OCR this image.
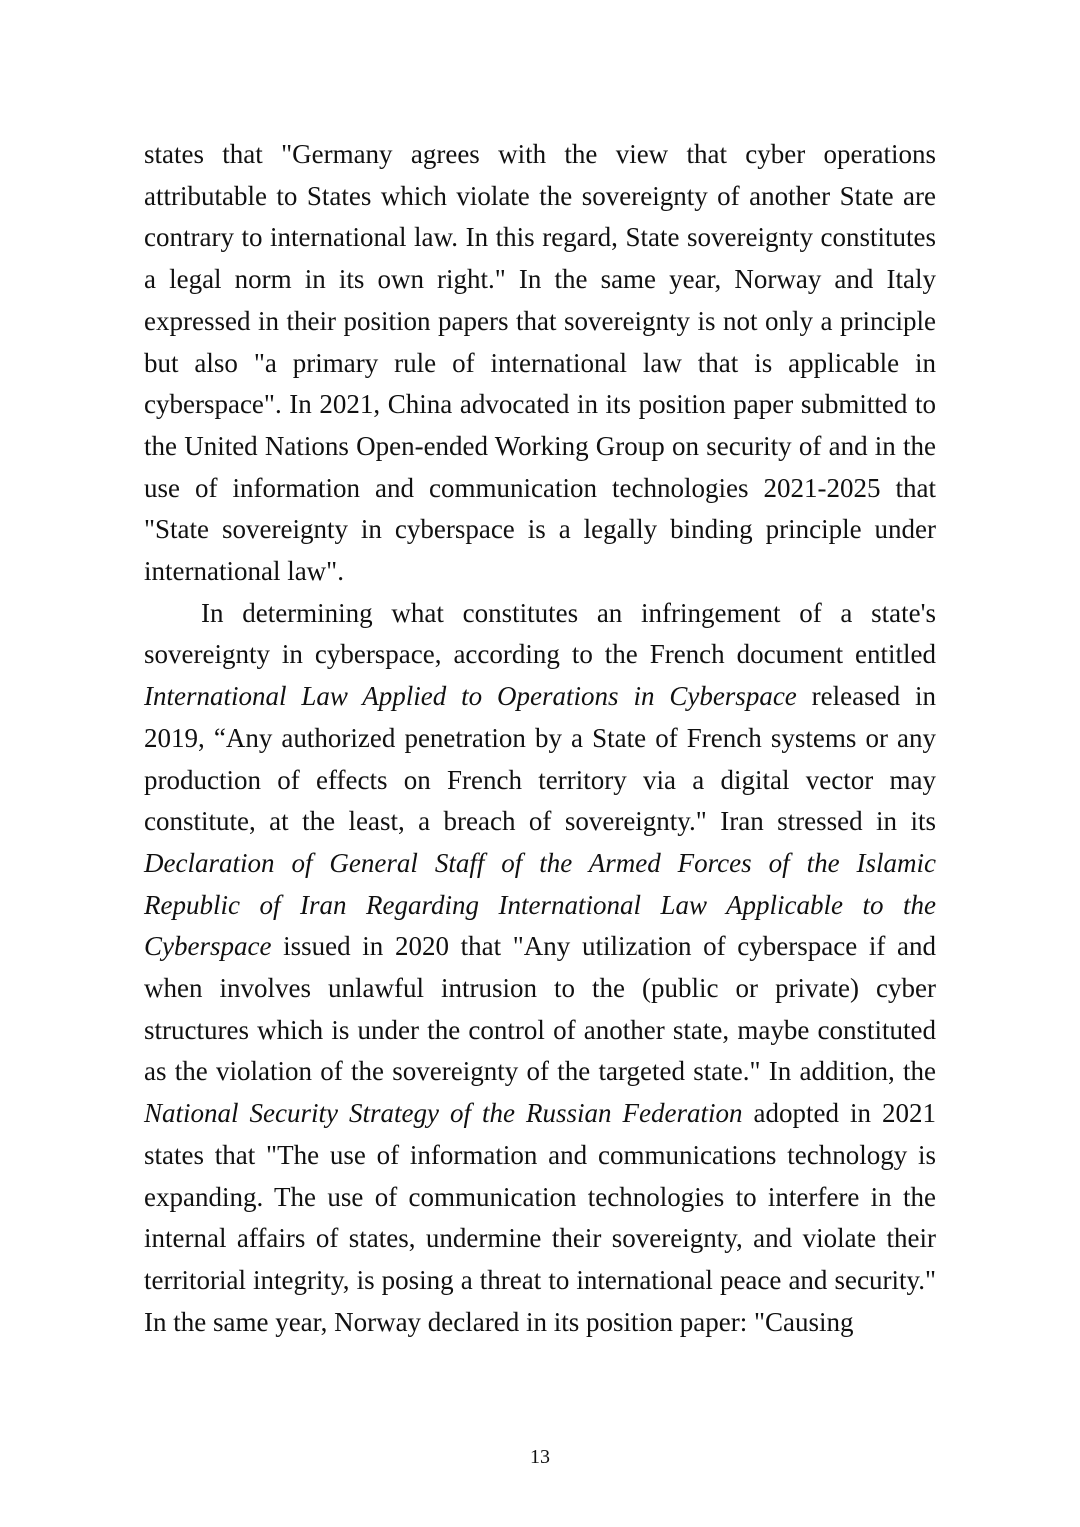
states that "Germany agrees with the view that cyber operations attributable to States which violate the sovereignty of another State are contrary to international law. In this regard, State sovereignty constitutes a legal norm in its own right." In the same year, Norway and Italy expressed in their position papers that sovereignty is not only a principle but also "a primary rule of international law that is applicable in cyberspace". In 2021, China advocated in its position paper submitted to the United Nations Open-ended Working Group on security of and in the use of information and communication technologies 2021-2025 that "State sovereignty in cyberspace is a legally binding principle under international law".

In determining what constitutes an infringement of a state's sovereignty in cyberspace, according to the French document entitled International Law Applied to Operations in Cyberspace released in 2019, “Any authorized penetration by a State of French systems or any production of effects on French territory via a digital vector may constitute, at the least, a breach of sovereignty." Iran stressed in its Declaration of General Staff of the Armed Forces of the Islamic Republic of Iran Regarding International Law Applicable to the Cyberspace issued in 2020 that "Any utilization of cyberspace if and when involves unlawful intrusion to the (public or private) cyber structures which is under the control of another state, maybe constituted as the violation of the sovereignty of the targeted state." In addition, the National Security Strategy of the Russian Federation adopted in 2021 states that "The use of information and communications technology is expanding. The use of communication technologies to interfere in the internal affairs of states, undermine their sovereignty, and violate their territorial integrity, is posing a threat to international peace and security." In the same year, Norway declared in its position paper: "Causing

13
